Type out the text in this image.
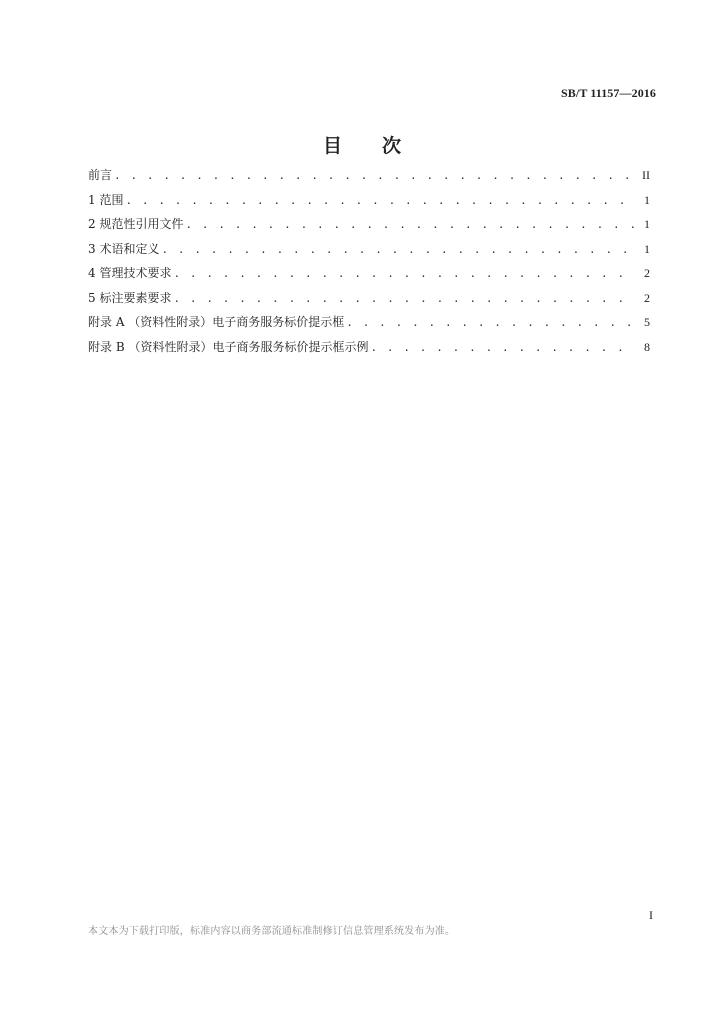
SB/T 11157—2016
目 次
前言 . . .	II
1 范围 . . .	1
2 规范性引用文件 . . .	1
3 术语和定义 . . .	1
4 管理技术要求 . . .	2
5 标注要素要求 . . .	2
附录 A （资料性附录）电子商务服务标价提示框 . . .	5
附录 B （资料性附录）电子商务服务标价提示框示例 . . .	8
I
本文本为下载打印版，标准内容以商务部流通标准制修订信息管理系统发布为准。
